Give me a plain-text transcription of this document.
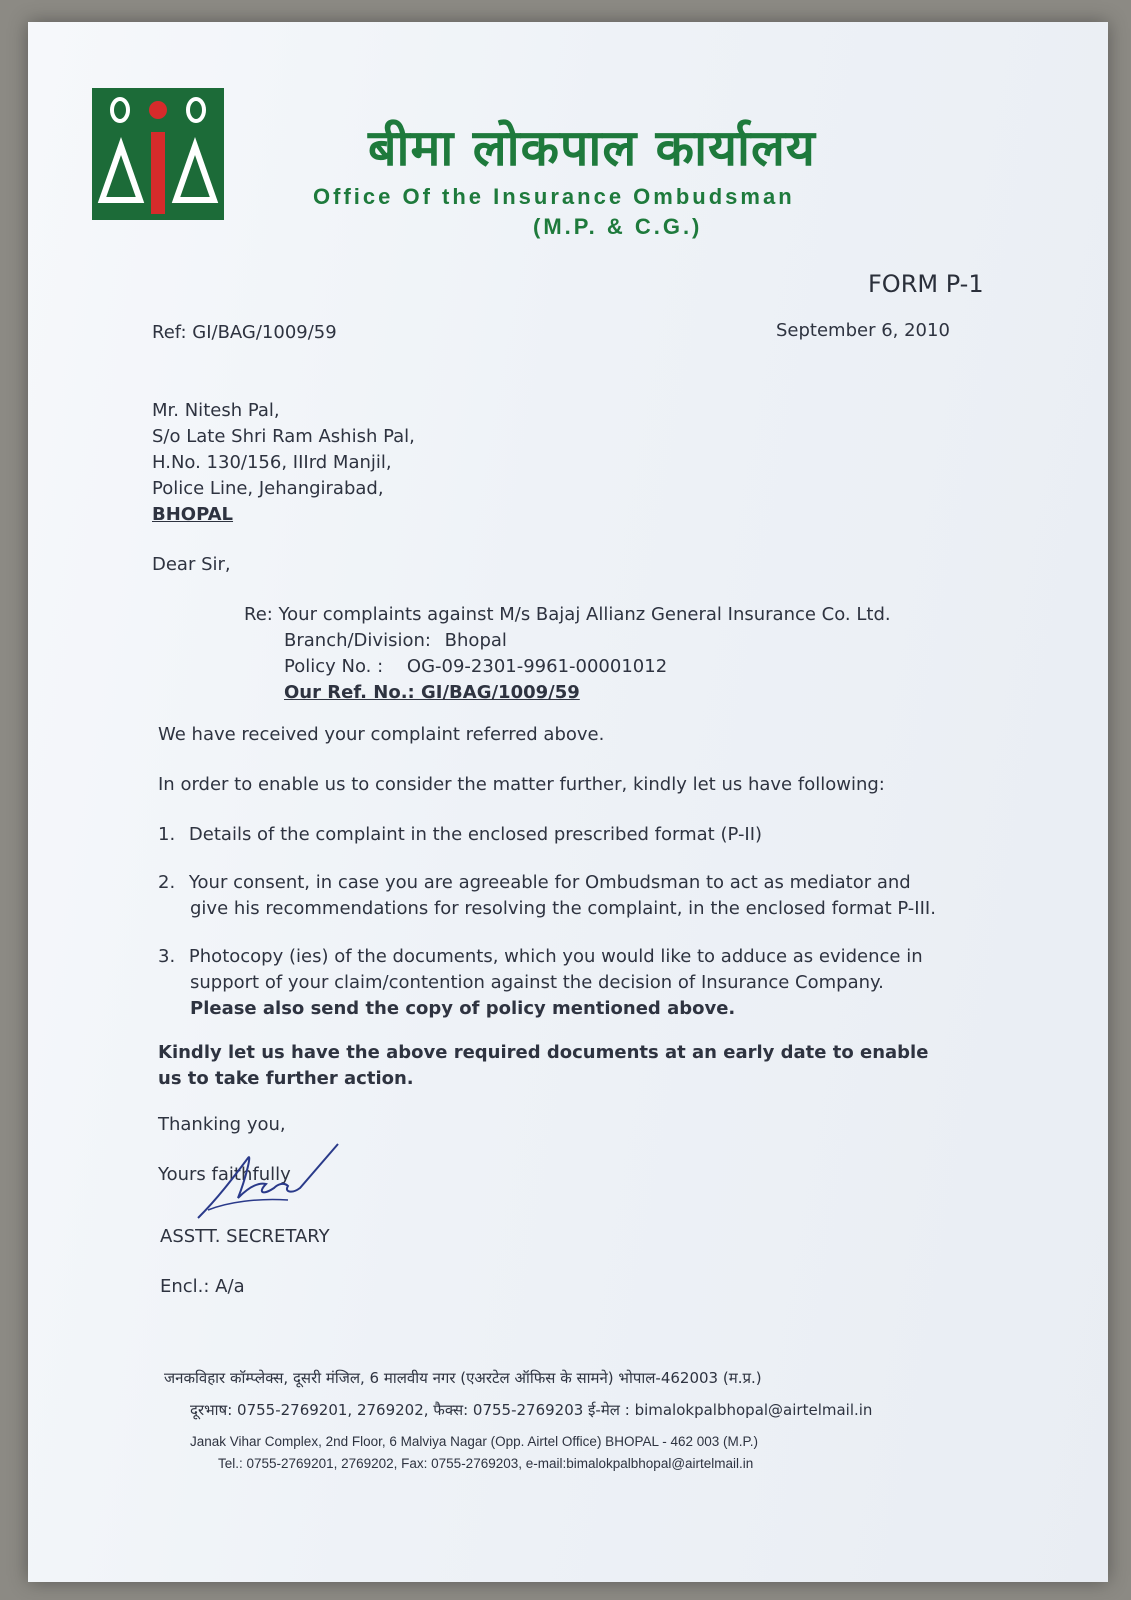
बीमा लोकपाल कार्यालय
Office Of the Insurance Ombudsman
(M.P. & C.G.)
FORM P-1
Ref: GI/BAG/1009/59	September 6, 2010
Mr. Nitesh Pal,
S/o Late Shri Ram Ashish Pal,
H.No. 130/156, IIIrd Manjil,
Police Line, Jehangirabad,
BHOPAL
Dear Sir,
Re: Your complaints against M/s Bajaj Allianz General Insurance Co. Ltd.
Branch/Division: Bhopal
Policy No. : OG-09-2301-9961-00001012
Our Ref. No.: GI/BAG/1009/59
We have received your complaint referred above.
In order to enable us to consider the matter further, kindly let us have following:
1. Details of the complaint in the enclosed prescribed format (P-II)
2. Your consent, in case you are agreeable for Ombudsman to act as mediator and
give his recommendations for resolving the complaint, in the enclosed format P-III.
3. Photocopy (ies) of the documents, which you would like to adduce as evidence in
support of your claim/contention against the decision of Insurance Company.
Please also send the copy of policy mentioned above.
Kindly let us have the above required documents at an early date to enable
us to take further action.
Thanking you,
Yours faithfully
ASSTT. SECRETARY
Encl.: A/a
जनकविहार कॉम्प्लेक्स, दूसरी मंजिल, 6 मालवीय नगर (एअरटेल ऑफिस के सामने) भोपाल-462003 (म.प्र.)
दूरभाष: 0755-2769201, 2769202, फैक्स: 0755-2769203 ई-मेल : bimalokpalbhopal@airtelmail.in
Janak Vihar Complex, 2nd Floor, 6 Malviya Nagar (Opp. Airtel Office) BHOPAL - 462 003 (M.P.)
Tel.: 0755-2769201, 2769202, Fax: 0755-2769203, e-mail:bimalokpalbhopal@airtelmail.in
